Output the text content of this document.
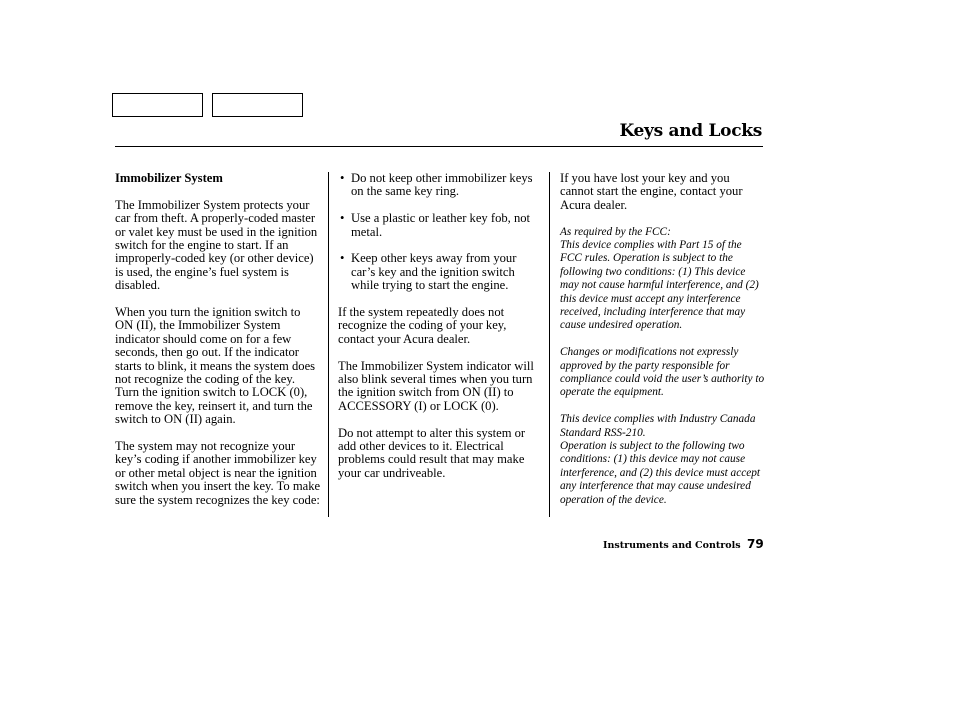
Keys and Locks

Immobilizer System

The Immobilizer System protects your car from theft. A properly-coded master or valet key must be used in the ignition switch for the engine to start. If an improperly-coded key (or other device) is used, the engine’s fuel system is disabled.

When you turn the ignition switch to ON (II), the Immobilizer System indicator should come on for a few seconds, then go out. If the indicator starts to blink, it means the system does not recognize the coding of the key. Turn the ignition switch to LOCK (0), remove the key, reinsert it, and turn the switch to ON (II) again.

The system may not recognize your key’s coding if another immobilizer key or other metal object is near the ignition switch when you insert the key. To make sure the system recognizes the key code:

• Do not keep other immobilizer keys on the same key ring.
• Use a plastic or leather key fob, not metal.
• Keep other keys away from your car’s key and the ignition switch while trying to start the engine.

If the system repeatedly does not recognize the coding of your key, contact your Acura dealer.

The Immobilizer System indicator will also blink several times when you turn the ignition switch from ON (II) to ACCESSORY (I) or LOCK (0).

Do not attempt to alter this system or add other devices to it. Electrical problems could result that may make your car undriveable.

If you have lost your key and you cannot start the engine, contact your Acura dealer.

As required by the FCC:

This device complies with Part 15 of the FCC rules. Operation is subject to the following two conditions: (1) This device may not cause harmful interference, and (2) this device must accept any interference received, including interference that may cause undesired operation.

Changes or modifications not expressly approved by the party responsible for compliance could void the user’s authority to operate the equipment.

This device complies with Industry Canada Standard RSS-210.

Operation is subject to the following two conditions: (1) this device may not cause interference, and (2) this device must accept any interference that may cause undesired operation of the device.

Instruments and Controls 79
